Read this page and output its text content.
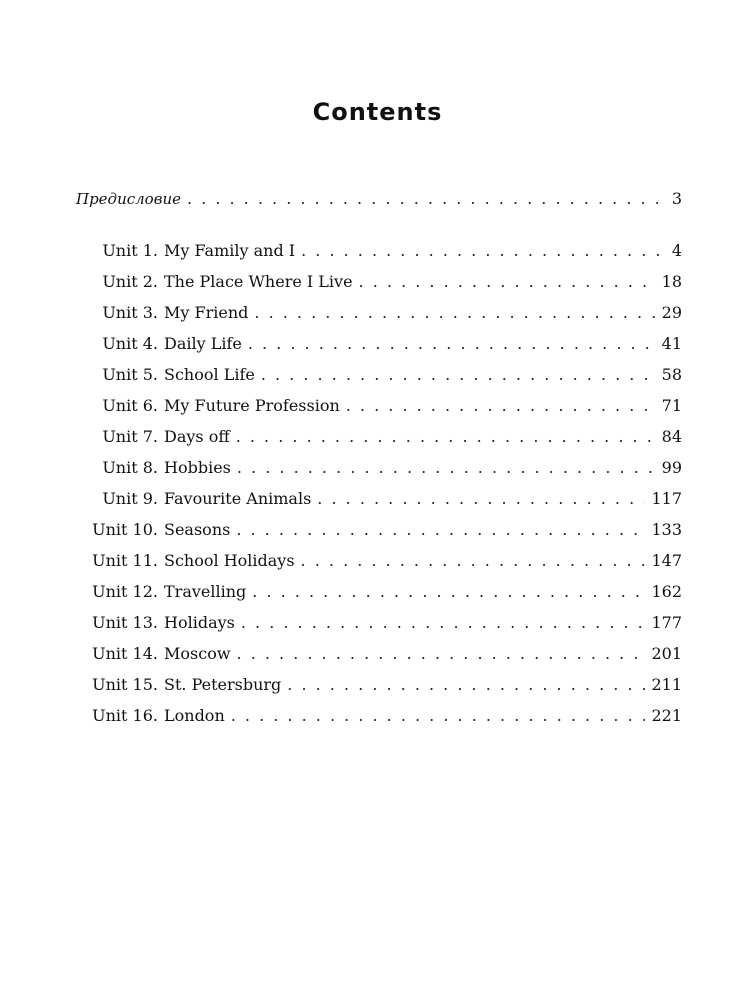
Contents
Предисловие . . .	3
Unit 1. My Family and I . . .	4
Unit 2. The Place Where I Live . . .	18
Unit 3. My Friend . . .	29
Unit 4. Daily Life . . .	41
Unit 5. School Life . . .	58
Unit 6. My Future Profession . . .	71
Unit 7. Days off . . .	84
Unit 8. Hobbies . . .	99
Unit 9. Favourite Animals . . .	117
Unit 10. Seasons . . .	133
Unit 11. School Holidays . . .	147
Unit 12. Travelling . . .	162
Unit 13. Holidays . . .	177
Unit 14. Moscow . . .	201
Unit 15. St. Petersburg . . .	211
Unit 16. London . . .	221
